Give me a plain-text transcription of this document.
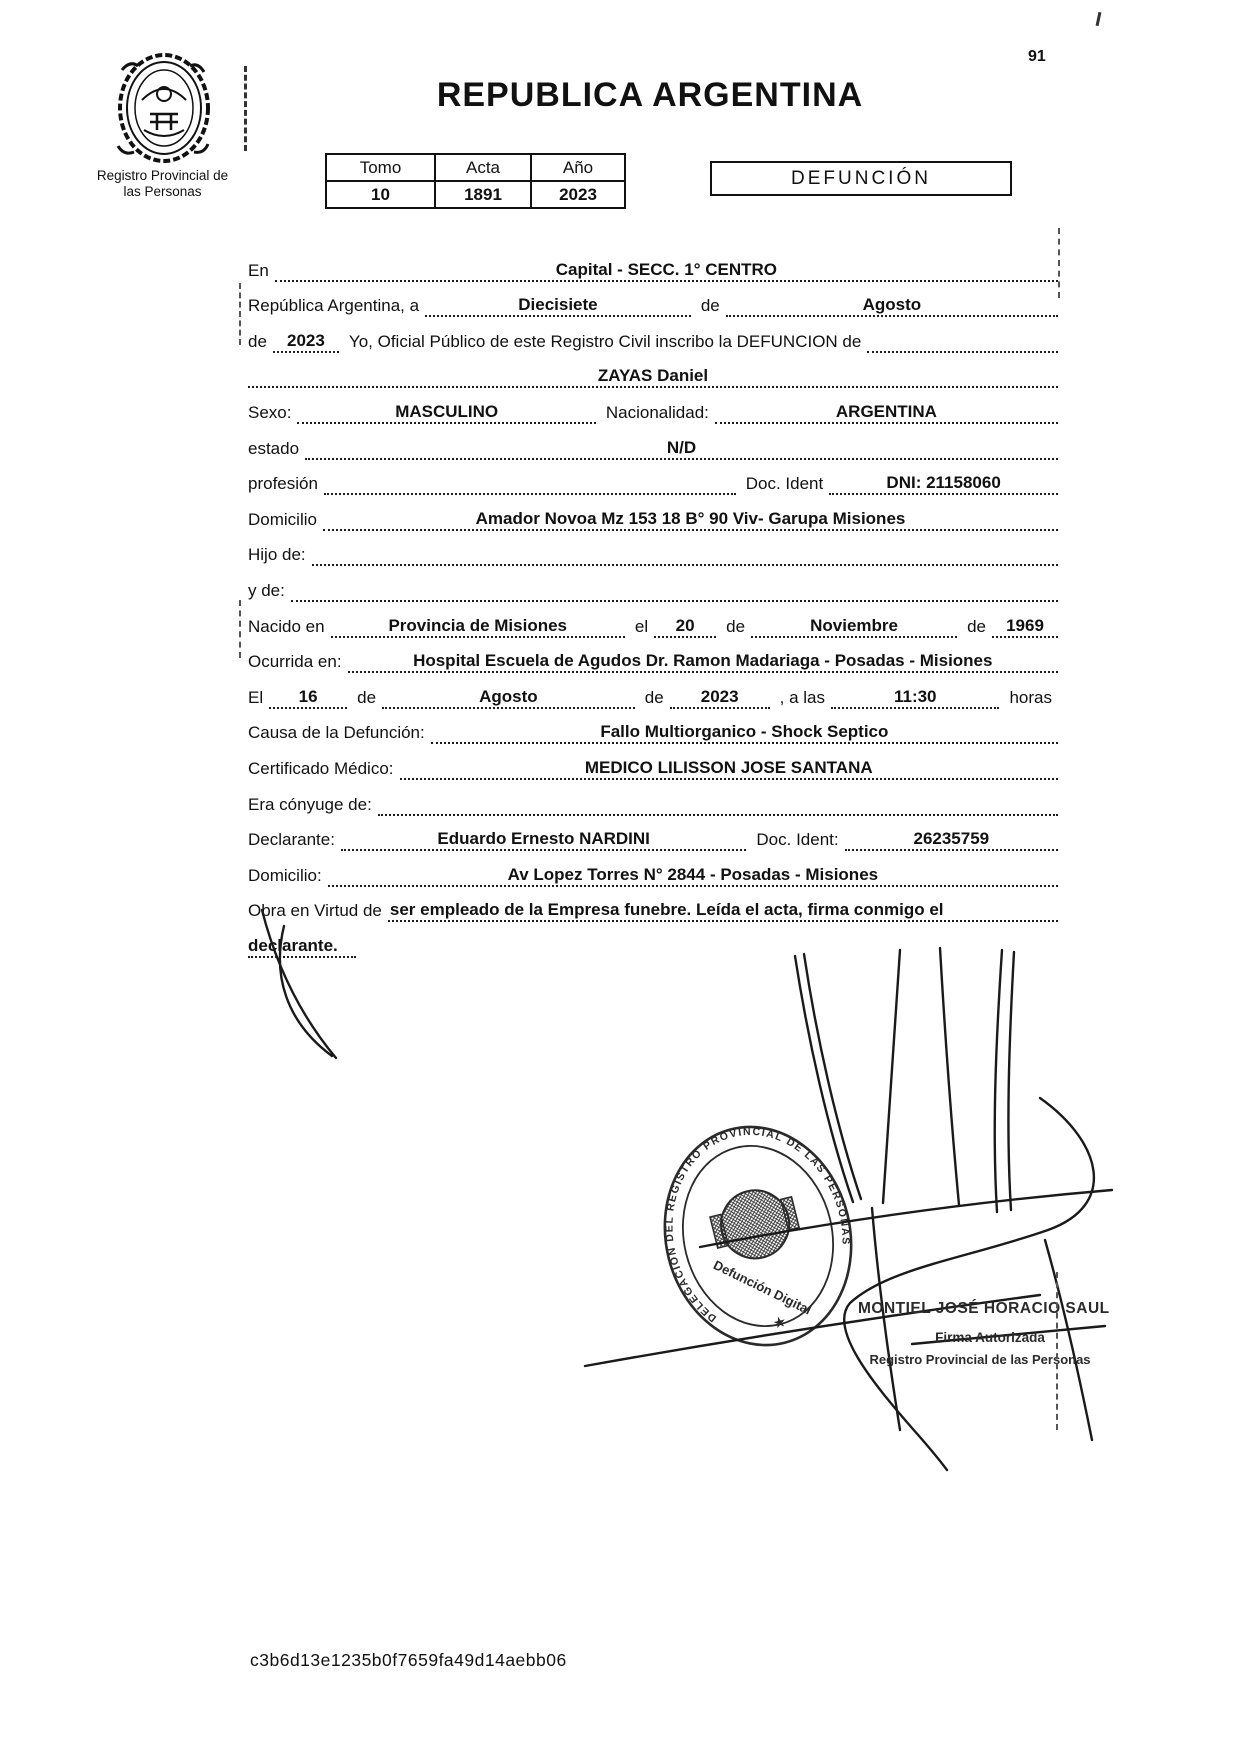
91
REPUBLICA ARGENTINA
Registro Provincial de
las Personas
Tomo	Acta	Año
10	1891	2023
DEFUNCIÓN
En	Capital - SECC. 1° CENTRO
República Argentina, a	Diecisiete	de	Agosto
de	2023	Yo, Oficial Público de este Registro Civil inscribo la DEFUNCION de
ZAYAS Daniel
Sexo:	MASCULINO	Nacionalidad:	ARGENTINA
estado	N/D
profesión	Doc. Ident	DNI: 21158060
Domicilio	Amador Novoa Mz 153 18 B° 90 Viv- Garupa Misiones
Hijo de:
y de:
Nacido en	Provincia de Misiones	el	20	de	Noviembre	de	1969
Ocurrida en:	Hospital Escuela de Agudos Dr. Ramon Madariaga - Posadas - Misiones
El	16	de	Agosto	de	2023	, a las	11:30	horas
Causa de la Defunción:	Fallo Multiorganico - Shock Septico
Certificado Médico:	MEDICO LILISSON JOSE SANTANA
Era cónyuge de:
Declarante:	Eduardo Ernesto NARDINI	Doc. Ident:	26235759
Domicilio:	Av Lopez Torres N° 2844 - Posadas - Misiones
Obra en Virtud de ser empleado de la Empresa funebre. Leída el acta, firma conmigo el
declarante.
DELEGACION DEL REGISTRO PROVINCIAL DE LAS PERSONAS
Defunción Digital
★
MONTIEL JOSÉ HORACIO SAUL
Firma Autorizada
Registro Provincial de las Personas
c3b6d13e1235b0f7659fa49d14aebb06
